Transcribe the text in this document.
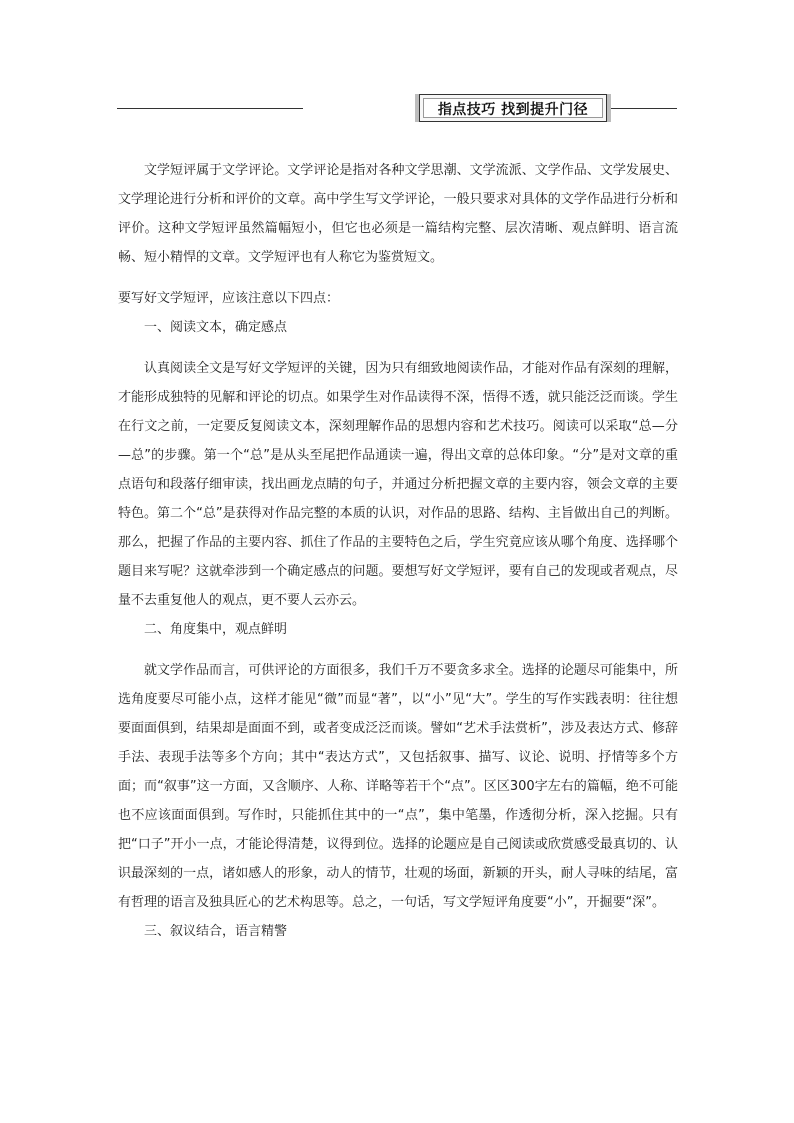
指点技巧 找到提升门径

文学短评属于文学评论。文学评论是指对各种文学思潮、文学流派、文学作品、文学发展史、文学理论进行分析和评价的文章。高中学生写文学评论，一般只要求对具体的文学作品进行分析和评价。这种文学短评虽然篇幅短小，但它也必须是一篇结构完整、层次清晰、观点鲜明、语言流畅、短小精悍的文章。文学短评也有人称它为鉴赏短文。

要写好文学短评，应该注意以下四点：

一、阅读文本，确定感点

认真阅读全文是写好文学短评的关键，因为只有细致地阅读作品，才能对作品有深刻的理解，才能形成独特的见解和评论的切点。如果学生对作品读得不深，悟得不透，就只能泛泛而谈。学生在行文之前，一定要反复阅读文本，深刻理解作品的思想内容和艺术技巧。阅读可以采取“总—分—总”的步骤。第一个“总”是从头至尾把作品通读一遍，得出文章的总体印象。“分”是对文章的重点语句和段落仔细审读，找出画龙点睛的句子，并通过分析把握文章的主要内容，领会文章的主要特色。第二个“总”是获得对作品完整的本质的认识，对作品的思路、结构、主旨做出自己的判断。那么，把握了作品的主要内容、抓住了作品的主要特色之后，学生究竟应该从哪个角度、选择哪个题目来写呢？这就牵涉到一个确定感点的问题。要想写好文学短评，要有自己的发现或者观点，尽量不去重复他人的观点，更不要人云亦云。

二、角度集中，观点鲜明

就文学作品而言，可供评论的方面很多，我们千万不要贪多求全。选择的论题尽可能集中，所选角度要尽可能小点，这样才能见“微”而显“著”，以“小”见“大”。学生的写作实践表明：往往想要面面俱到，结果却是面面不到，或者变成泛泛而谈。譬如“艺术手法赏析”，涉及表达方式、修辞手法、表现手法等多个方向；其中“表达方式”，又包括叙事、描写、议论、说明、抒情等多个方面；而“叙事”这一方面，又含顺序、人称、详略等若干个“点”。区区300字左右的篇幅，绝不可能也不应该面面俱到。写作时，只能抓住其中的一“点”，集中笔墨，作透彻分析，深入挖掘。只有把“口子”开小一点，才能论得清楚，议得到位。选择的论题应是自己阅读或欣赏感受最真切的、认识最深刻的一点，诸如感人的形象，动人的情节，壮观的场面，新颖的开头，耐人寻味的结尾，富有哲理的语言及独具匠心的艺术构思等。总之，一句话，写文学短评角度要“小”，开掘要“深”。

三、叙议结合，语言精警
